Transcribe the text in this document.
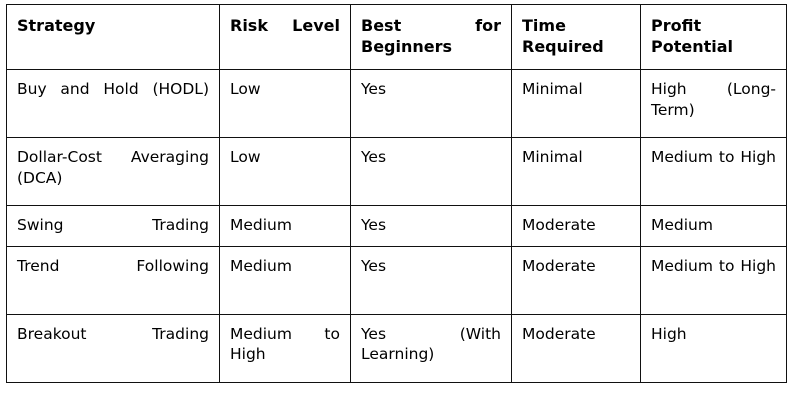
Strategy	Risk Level	Best for Beginners	Time Required	Profit Potential
Buy and Hold (HODL)	Low	Yes	Minimal	High (Long-Term)
Dollar-Cost Averaging (DCA)	Low	Yes	Minimal	Medium to High
Swing Trading	Medium	Yes	Moderate	Medium
Trend Following	Medium	Yes	Moderate	Medium to High
Breakout Trading	Medium to High	Yes (With Learning)	Moderate	High
